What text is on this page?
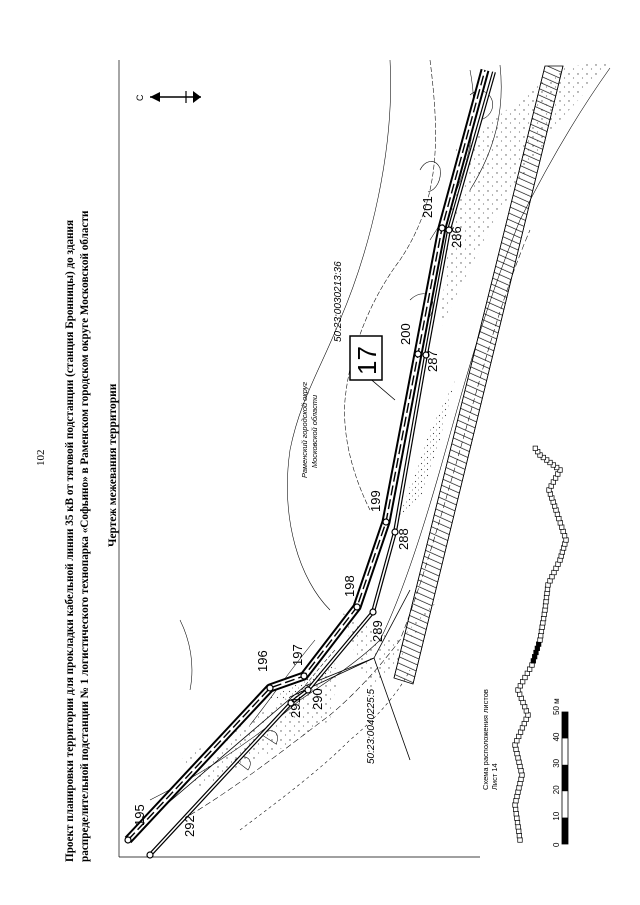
195
196 197
198
199
200
201
292
291 290
289
288
287
286
50:23:0030213:36
50:23:0040225:5
Раменский городской округ Московской области
17
С
Схема расположения листов Лист 14
0
10
20
30
40
50 м
102 Проект планировки территории для прокладки кабельной линии 35 кВ от тяговой подстанции (станция Бронницы) до здания распределительной подстанции № 1 логистического технопарка «Софьино» в Раменском городском округе Московской области Чертеж межевания территории
